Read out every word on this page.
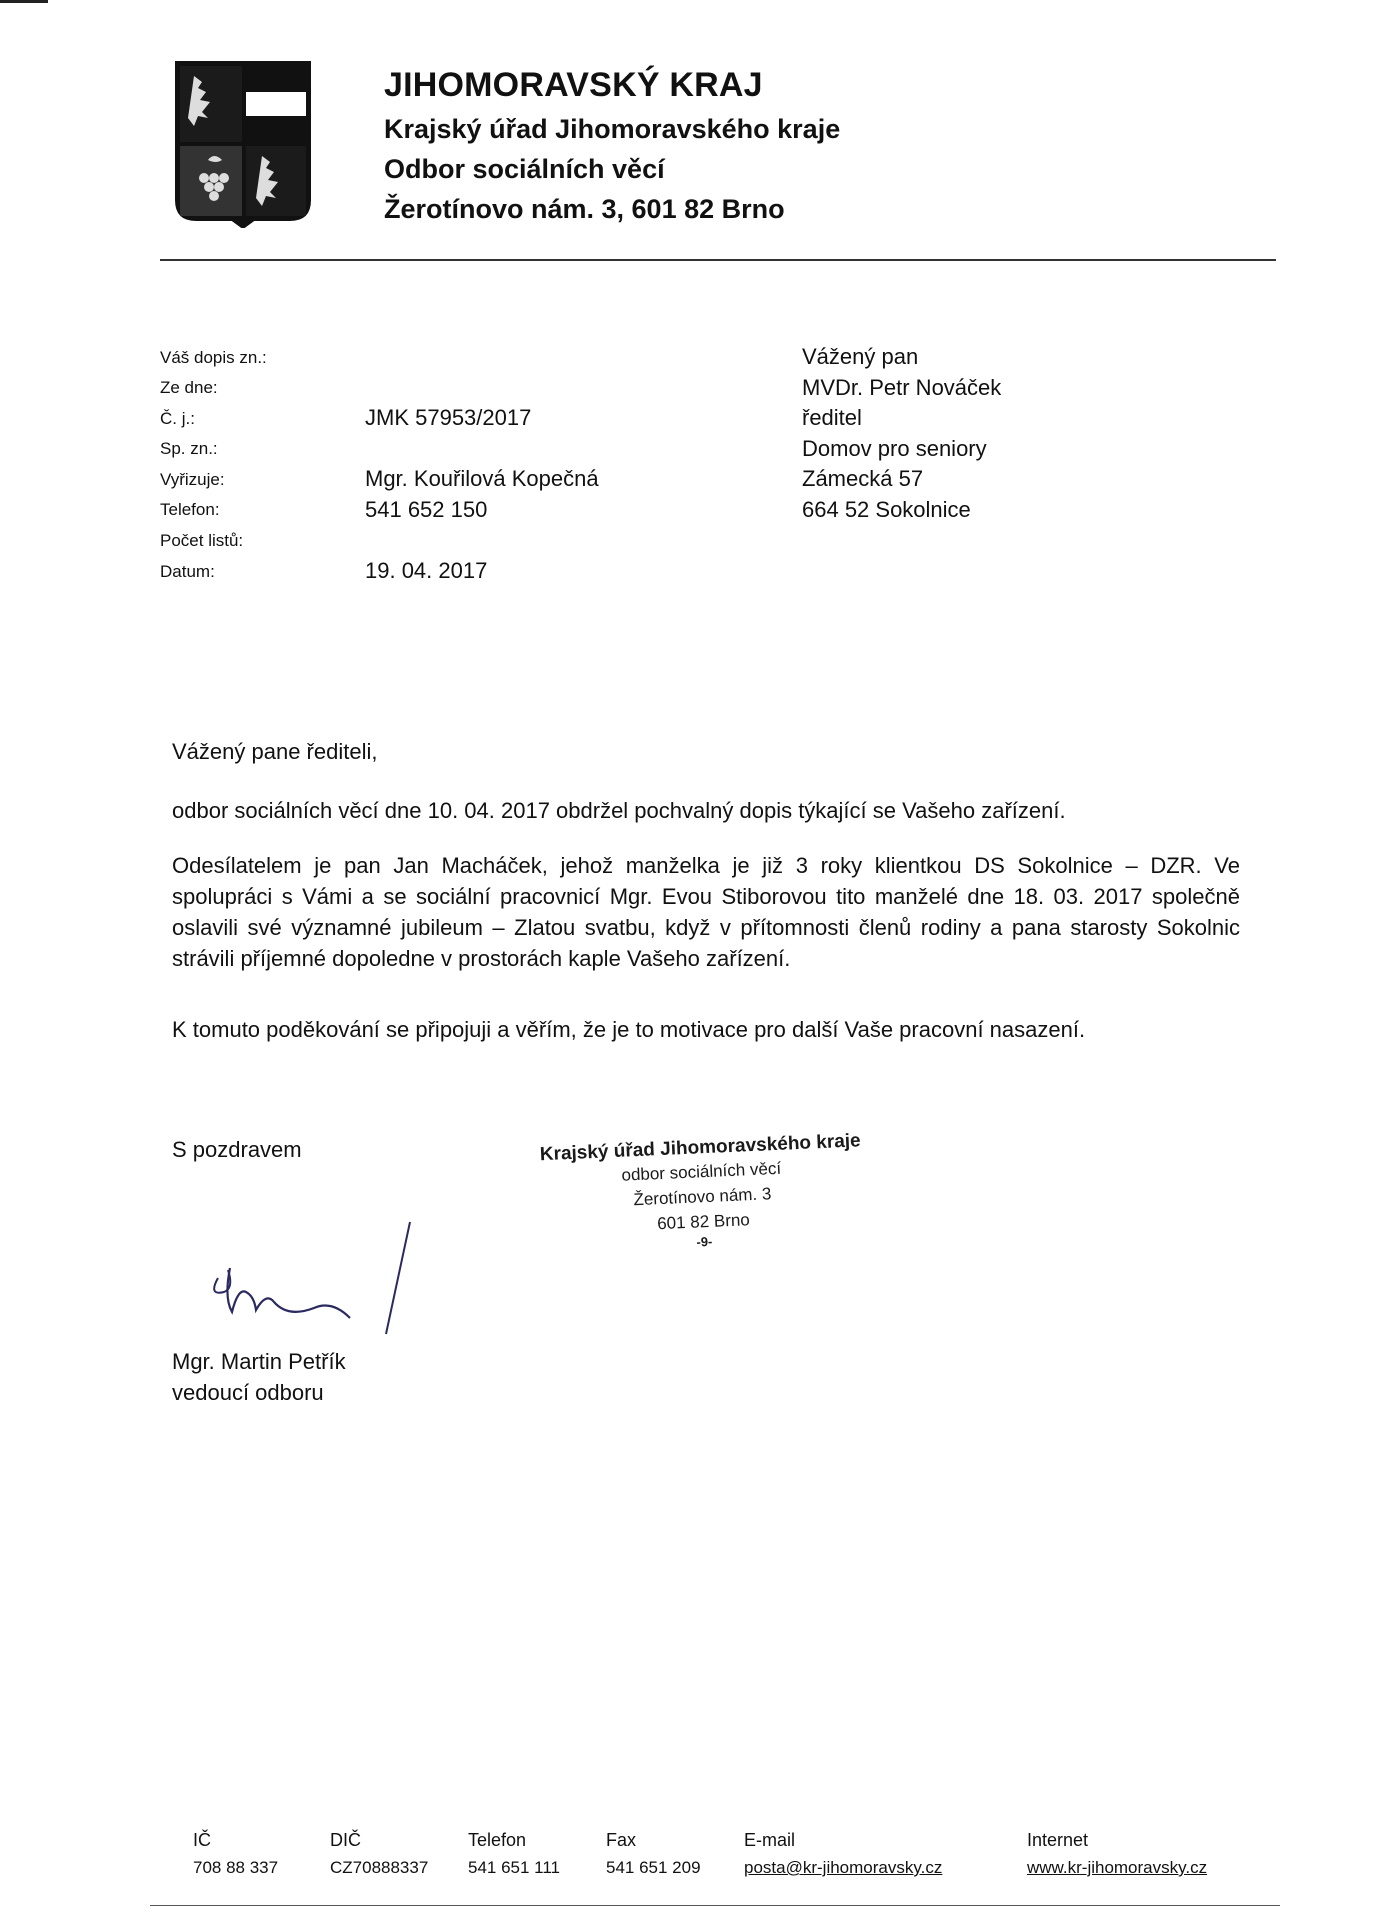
JIHOMORAVSKÝ KRAJ
Krajský úřad Jihomoravského kraje
Odbor sociálních věcí
Žerotínovo nám. 3, 601 82 Brno
Váš dopis zn.:
Ze dne:
Č. j.:
Sp. zn.:
Vyřizuje:
Telefon:
Počet listů:
Datum:
JMK 57953/2017
Mgr. Kouřilová Kopečná
541 652 150
19. 04. 2017
Vážený pan
MVDr. Petr Nováček
ředitel
Domov pro seniory
Zámecká 57
664 52 Sokolnice
Vážený pane řediteli,
odbor sociálních věcí dne 10. 04. 2017 obdržel pochvalný dopis týkající se Vašeho zařízení.
Odesílatelem je pan Jan Macháček, jehož manželka je již 3 roky klientkou DS Sokolnice – DZR. Ve spolupráci s Vámi a se sociální pracovnicí Mgr. Evou Stiborovou tito manželé dne 18. 03. 2017 společně oslavili své významné jubileum – Zlatou svatbu, když v přítomnosti členů rodiny a pana starosty Sokolnic strávili příjemné dopoledne v prostorách kaple Vašeho zařízení.
K tomuto poděkování se připojuji a věřím, že je to motivace pro další Vaše pracovní nasazení.
S pozdravem	Krajský úřad Jihomoravského kraje
odbor sociálních věcí
Žerotínovo nám. 3
601 82 Brno
-9-
Mgr. Martin Petřík
vedoucí odboru
IČ
708 88 337
DIČ
CZ70888337
Telefon
541 651 111
Fax
541 651 209
E-mail
posta@kr-jihomoravsky.cz
Internet
www.kr-jihomoravsky.cz
